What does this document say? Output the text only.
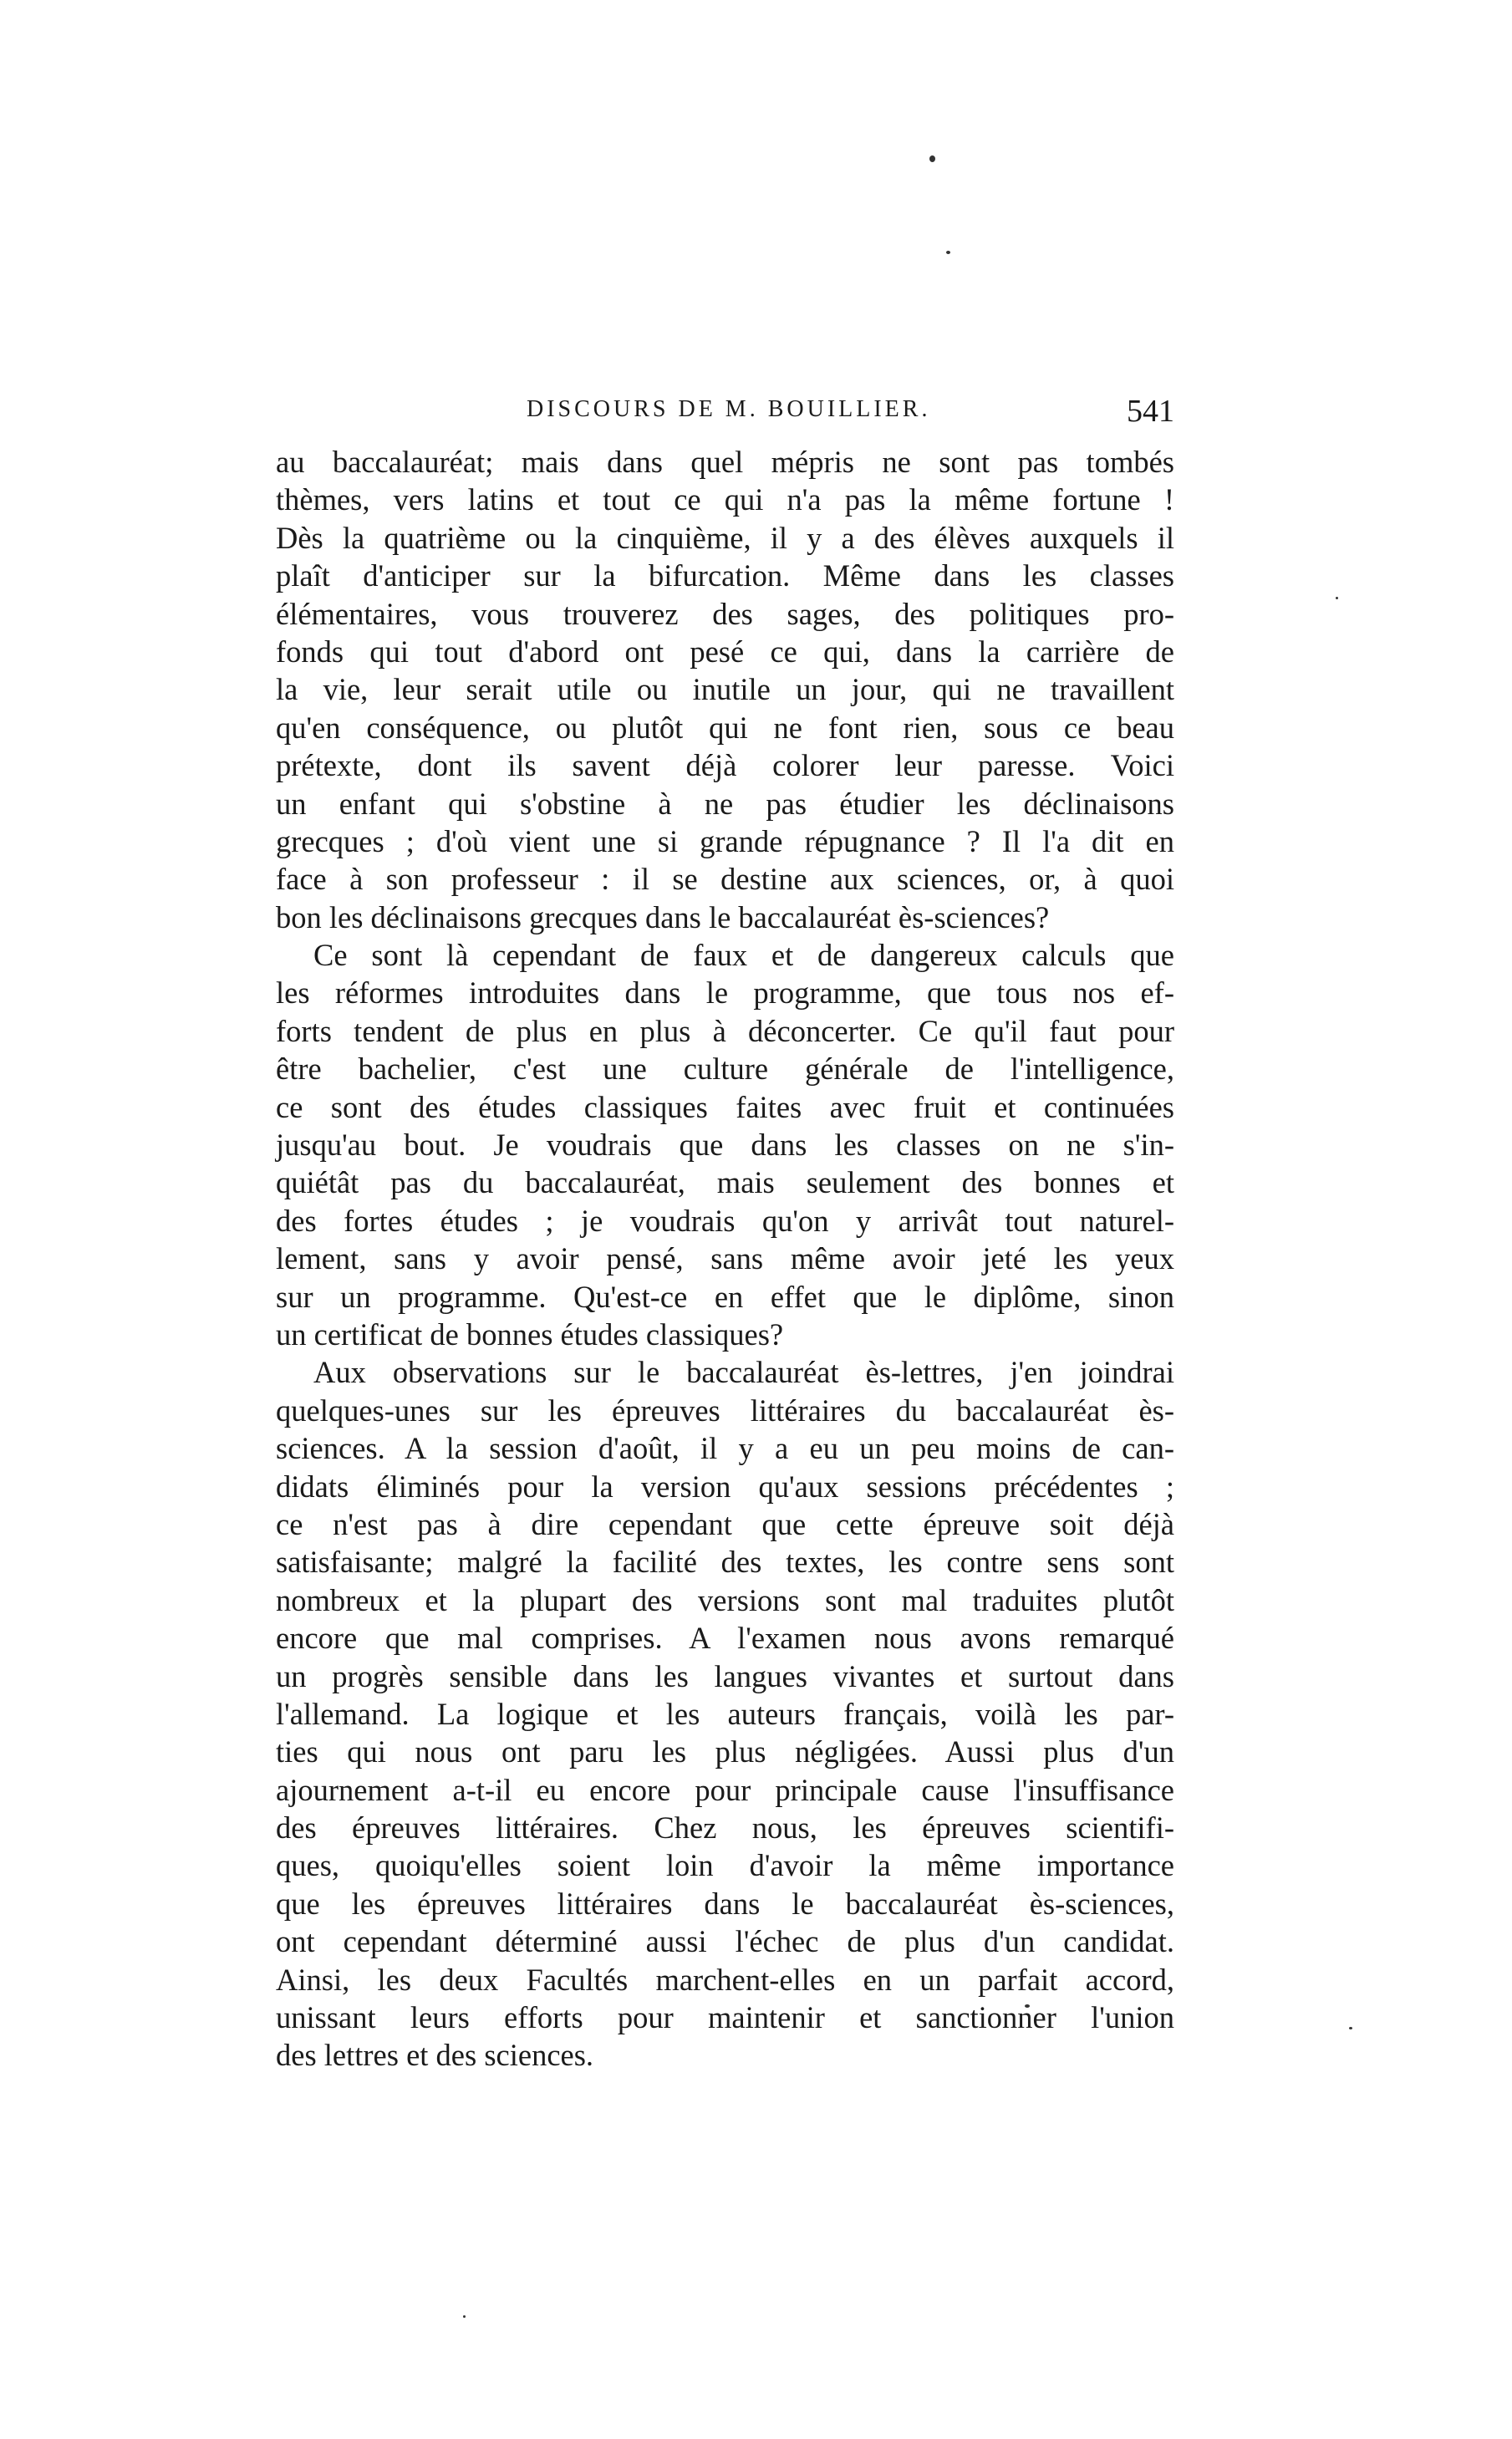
DISCOURS DE M. BOUILLIER.	541
au baccalauréat; mais dans quel mépris ne sont pas tombés
thèmes, vers latins et tout ce qui n'a pas la même fortune !
Dès la quatrième ou la cinquième, il y a des élèves auxquels il
plaît d'anticiper sur la bifurcation. Même dans les classes
élémentaires, vous trouverez des sages, des politiques pro-
fonds qui tout d'abord ont pesé ce qui, dans la carrière de
la vie, leur serait utile ou inutile un jour, qui ne travaillent
qu'en conséquence, ou plutôt qui ne font rien, sous ce beau
prétexte, dont ils savent déjà colorer leur paresse. Voici
un enfant qui s'obstine à ne pas étudier les déclinaisons
grecques ; d'où vient une si grande répugnance ? Il l'a dit en
face à son professeur : il se destine aux sciences, or, à quoi
bon les déclinaisons grecques dans le baccalauréat ès-sciences?
Ce sont là cependant de faux et de dangereux calculs que
les réformes introduites dans le programme, que tous nos ef-
forts tendent de plus en plus à déconcerter. Ce qu'il faut pour
être bachelier, c'est une culture générale de l'intelligence,
ce sont des études classiques faites avec fruit et continuées
jusqu'au bout. Je voudrais que dans les classes on ne s'in-
quiétât pas du baccalauréat, mais seulement des bonnes et
des fortes études ; je voudrais qu'on y arrivât tout naturel-
lement, sans y avoir pensé, sans même avoir jeté les yeux
sur un programme. Qu'est-ce en effet que le diplôme, sinon
un certificat de bonnes études classiques?
Aux observations sur le baccalauréat ès-lettres, j'en joindrai
quelques-unes sur les épreuves littéraires du baccalauréat ès-
sciences. A la session d'août, il y a eu un peu moins de can-
didats éliminés pour la version qu'aux sessions précédentes ;
ce n'est pas à dire cependant que cette épreuve soit déjà
satisfaisante; malgré la facilité des textes, les contre sens sont
nombreux et la plupart des versions sont mal traduites plutôt
encore que mal comprises. A l'examen nous avons remarqué
un progrès sensible dans les langues vivantes et surtout dans
l'allemand. La logique et les auteurs français, voilà les par-
ties qui nous ont paru les plus négligées. Aussi plus d'un
ajournement a-t-il eu encore pour principale cause l'insuffisance
des épreuves littéraires. Chez nous, les épreuves scientifi-
ques, quoiqu'elles soient loin d'avoir la même importance
que les épreuves littéraires dans le baccalauréat ès-sciences,
ont cependant déterminé aussi l'échec de plus d'un candidat.
Ainsi, les deux Facultés marchent-elles en un parfait accord,
unissant leurs efforts pour maintenir et sanctionner l'union
des lettres et des sciences.
